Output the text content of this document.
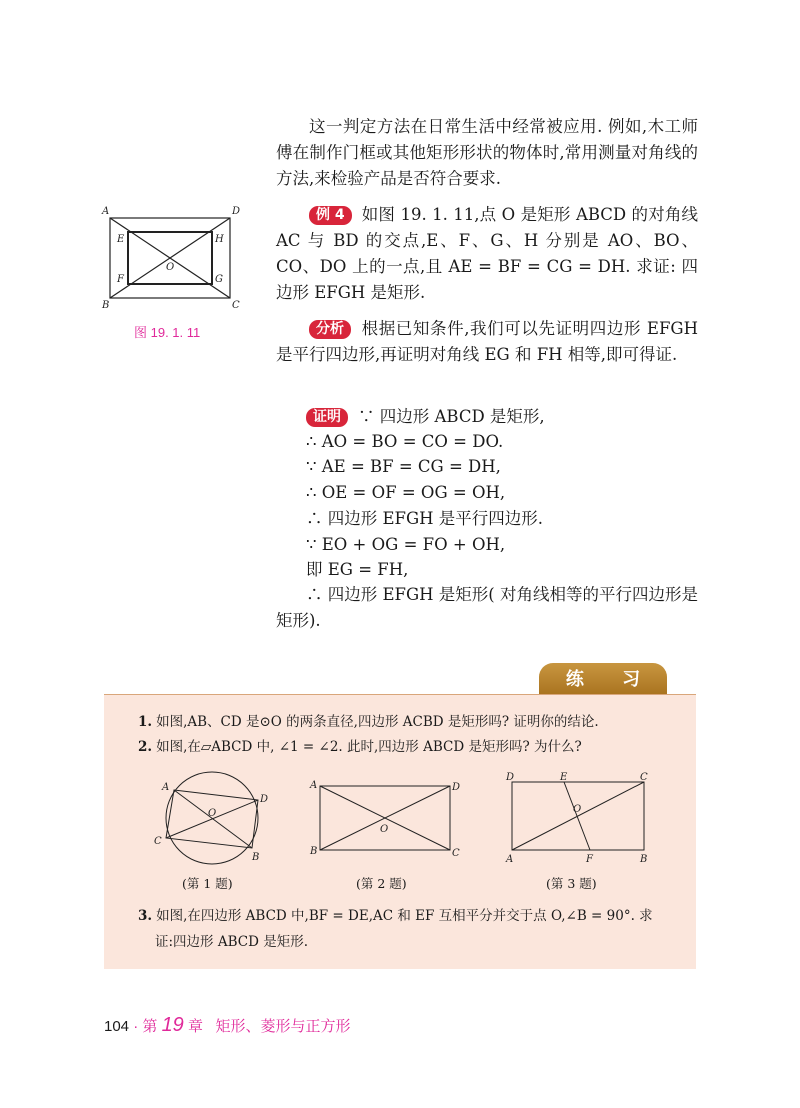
这一判定方法在日常生活中经常被应用. 例如,木工师傅在制作门框或其他矩形形状的物体时,常用测量对角线的方法,来检验产品是否符合要求.
A	D
B	C
E	H
F	G
O
图 19. 1. 11
例 4 如图 19. 1. 11,点 O 是矩形 ABCD 的对角线 AC 与 BD 的交点,E、F、G、H 分别是 AO、BO、CO、DO 上的一点,且 AE = BF = CG = DH. 求证: 四边形 EFGH 是矩形.
分析 根据已知条件,我们可以先证明四边形 EFGH 是平行四边形,再证明对角线 EG 和 FH 相等,即可得证.
证明 ∵ 四边形 ABCD 是矩形,
∴ AO = BO = CO = DO.
∵ AE = BF = CG = DH,
∴ OE = OF = OG = OH,
∴ 四边形 EFGH 是平行四边形.
∵ EO + OG = FO + OH,
即 EG = FH,
∴ 四边形 EFGH 是矩形( 对角线相等的平行四边形是矩形).
练 习
1. 如图,AB、CD 是⊙O 的两条直径,四边形 ACBD 是矩形吗? 证明你的结论.
2. 如图,在▱ABCD 中, ∠1 = ∠2. 此时,四边形 ABCD 是矩形吗? 为什么?
A
D
C
B
O
A	D
B	C
O
D	E	C
A	F	B
O
(第 1 题)	(第 2 题)	(第 3 题)
3. 如图,在四边形 ABCD 中,BF = DE,AC 和 EF 互相平分并交于点 O,∠B = 90°. 求
证:四边形 ABCD 是矩形.
104 · 第 19 章 矩形、菱形与正方形
